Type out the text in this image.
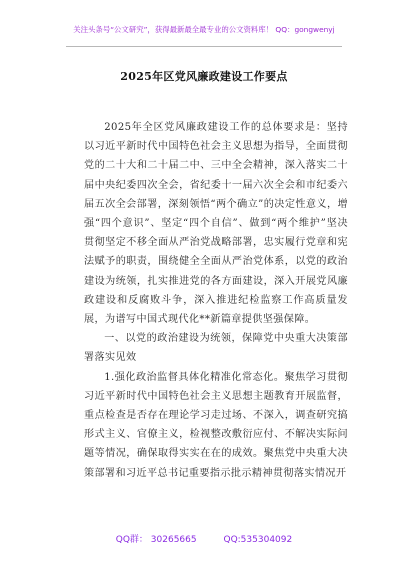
关注头条号“公文研究”，获得最新最全最专业的公文资料库！ QQ：gongwenyj
2025年区党风廉政建设工作要点

2025年全区党风廉政建设工作的总体要求是：坚持以习近平新时代中国特色社会主义思想为指导，全面贯彻党的二十大和二十届二中、三中全会精神，深入落实二十届中央纪委四次全会，省纪委十一届六次全会和市纪委六届五次全会部署，深刻领悟“两个确立”的决定性意义，增强“四个意识”、坚定“四个自信”、做到“两个维护”坚决贯彻坚定不移全面从严治党战略部署，忠实履行党章和宪法赋予的职责，围绕健全全面从严治党体系，以党的政治建设为统领，扎实推进党的各方面建设，深入开展党风廉政建设和反腐败斗争，深入推进纪检监察工作高质量发展，为谱写中国式现代化**新篇章提供坚强保障。

一、以党的政治建设为统领，保障党中央重大决策部署落实见效

1.强化政治监督具体化精准化常态化。聚焦学习贯彻习近平新时代中国特色社会主义思想主题教育开展监督，重点检查是否存在理论学习走过场、不深入，调查研究搞形式主义、官僚主义，检视整改敷衍应付、不解决实际问题等情况，确保取得实实在在的成效。聚焦党中央重大决策部署和习近平总书记重要指示批示精神贯彻落实情况开

QQ群： 30265665	QQ:535304092
